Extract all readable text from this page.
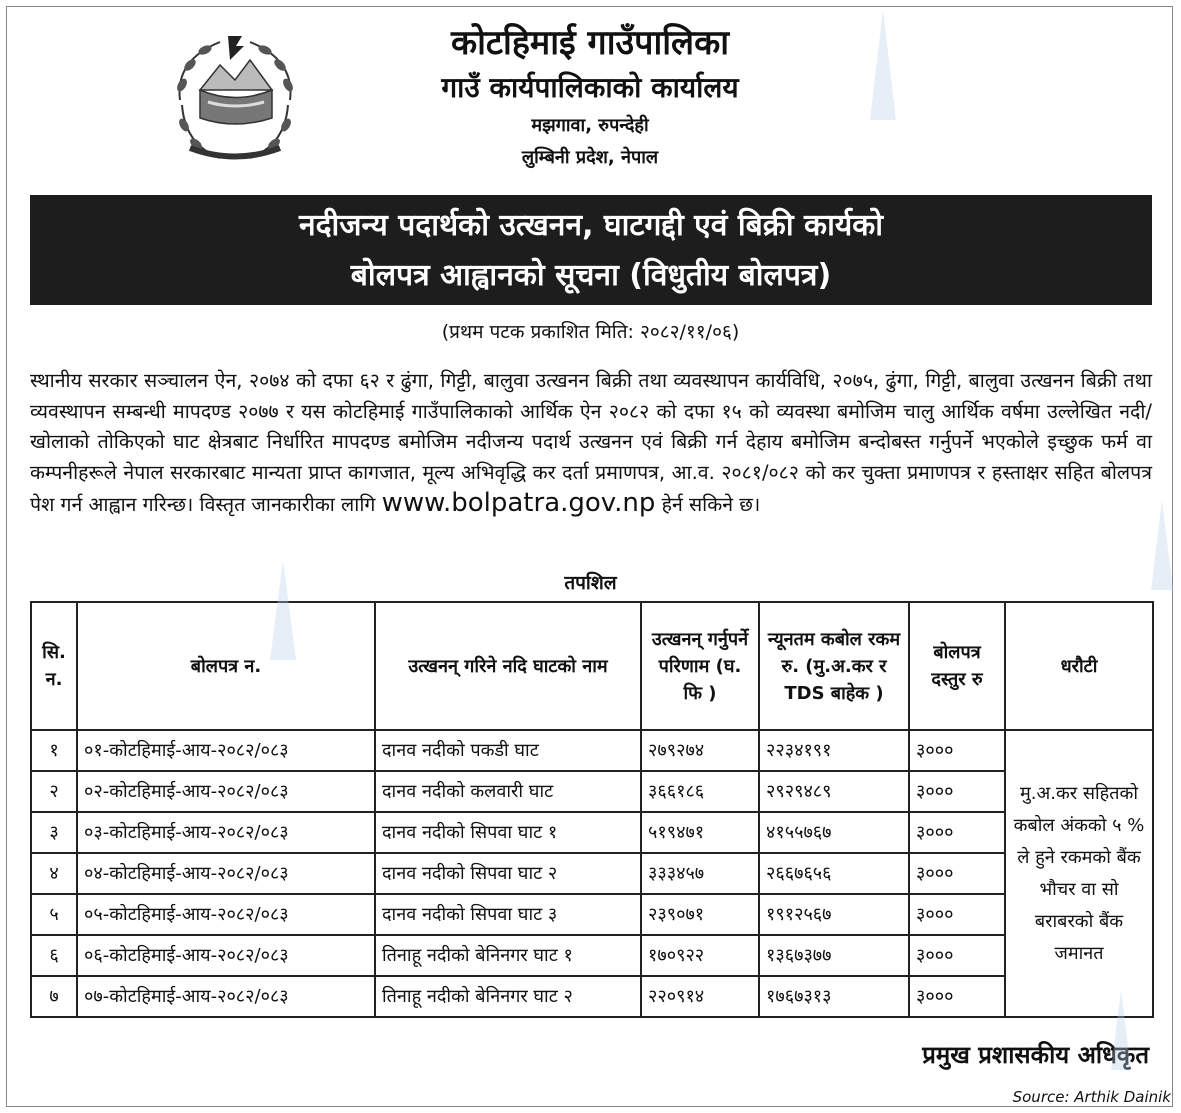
कोटहिमाई गाउँपालिका

गाउँ कार्यपालिकाको कार्यालय

मझगावा, रुपन्देही

लुम्बिनी प्रदेश, नेपाल

नदीजन्य पदार्थको उत्खनन, घाटगद्दी एवं बिक्री कार्यको

बोलपत्र आह्वानको सूचना (विधुतीय बोलपत्र)

(प्रथम पटक प्रकाशित मिति: २०८२/११/०६)
स्थानीय सरकार सञ्चालन ऐन, २०७४ को दफा ६२ र ढुंगा, गिट्टी, बालुवा उत्खनन बिक्री तथा व्यवस्थापन कार्यविधि, २०७५, ढुंगा, गिट्टी, बालुवा उत्खनन बिक्री तथा व्यवस्थापन सम्बन्धी मापदण्ड २०७७ र यस कोटहिमाई गाउँपालिकाको आर्थिक ऐन २०८२ को दफा १५ को व्यवस्था बमोजिम चालु आर्थिक वर्षमा उल्लेखित नदी/खोलाको तोकिएको घाट क्षेत्रबाट निर्धारित मापदण्ड बमोजिम नदीजन्य पदार्थ उत्खनन एवं बिक्री गर्न देहाय बमोजिम बन्दोबस्त गर्नुपर्ने भएकोले इच्छुक फर्म वा कम्पनीहरूले नेपाल सरकारबाट मान्यता प्राप्त कागजात, मूल्य अभिवृद्धि कर दर्ता प्रमाणपत्र, आ.व. २०८१/०८२ को कर चुक्ता प्रमाणपत्र र हस्ताक्षर सहित बोलपत्र पेश गर्न आह्वान गरिन्छ। विस्तृत जानकारीका लागि www.bolpatra.gov.np हेर्न सकिने छ।
तपशिल
सि. न.	बोलपत्र न.	उत्खनन् गरिने नदि घाटको नाम	उत्खनन् गर्नुपर्ने परिणाम (घ. फि )	न्यूनतम कबोल रकम रु. (मु.अ.कर र TDS बाहेक )	बोलपत्र दस्तुर रु	धरौटी
१	०१-कोटहिमाई-आय-२०८२/०८३	दानव नदीको पकडी घाट	२७९२७४	२२३४१९१	३०००	मु.अ.कर सहितको कबोल अंकको ५ % ले हुने रकमको बैंक भौचर वा सो बराबरको बैंक जमानत
२	०२-कोटहिमाई-आय-२०८२/०८३	दानव नदीको कलवारी घाट	३६६१८६	२९२९४८९	३०००	
३	०३-कोटहिमाई-आय-२०८२/०८३	दानव नदीको सिपवा घाट १	५१९४७१	४१५५७६७	३०००	
४	०४-कोटहिमाई-आय-२०८२/०८३	दानव नदीको सिपवा घाट २	३३३४५७	२६६७६५६	३०००	
५	०५-कोटहिमाई-आय-२०८२/०८३	दानव नदीको सिपवा घाट ३	२३९०७१	१९१२५६७	३०००	
६	०६-कोटहिमाई-आय-२०८२/०८३	तिनाहू नदीको बेनिनगर घाट १	१७०९२२	१३६७३७७	३०००	
७	०७-कोटहिमाई-आय-२०८२/०८३	तिनाहू नदीको बेनिनगर घाट २	२२०९१४	१७६७३१३	३०००	
प्रमुख प्रशासकीय अधिकृत
Source: Arthik Dainik
